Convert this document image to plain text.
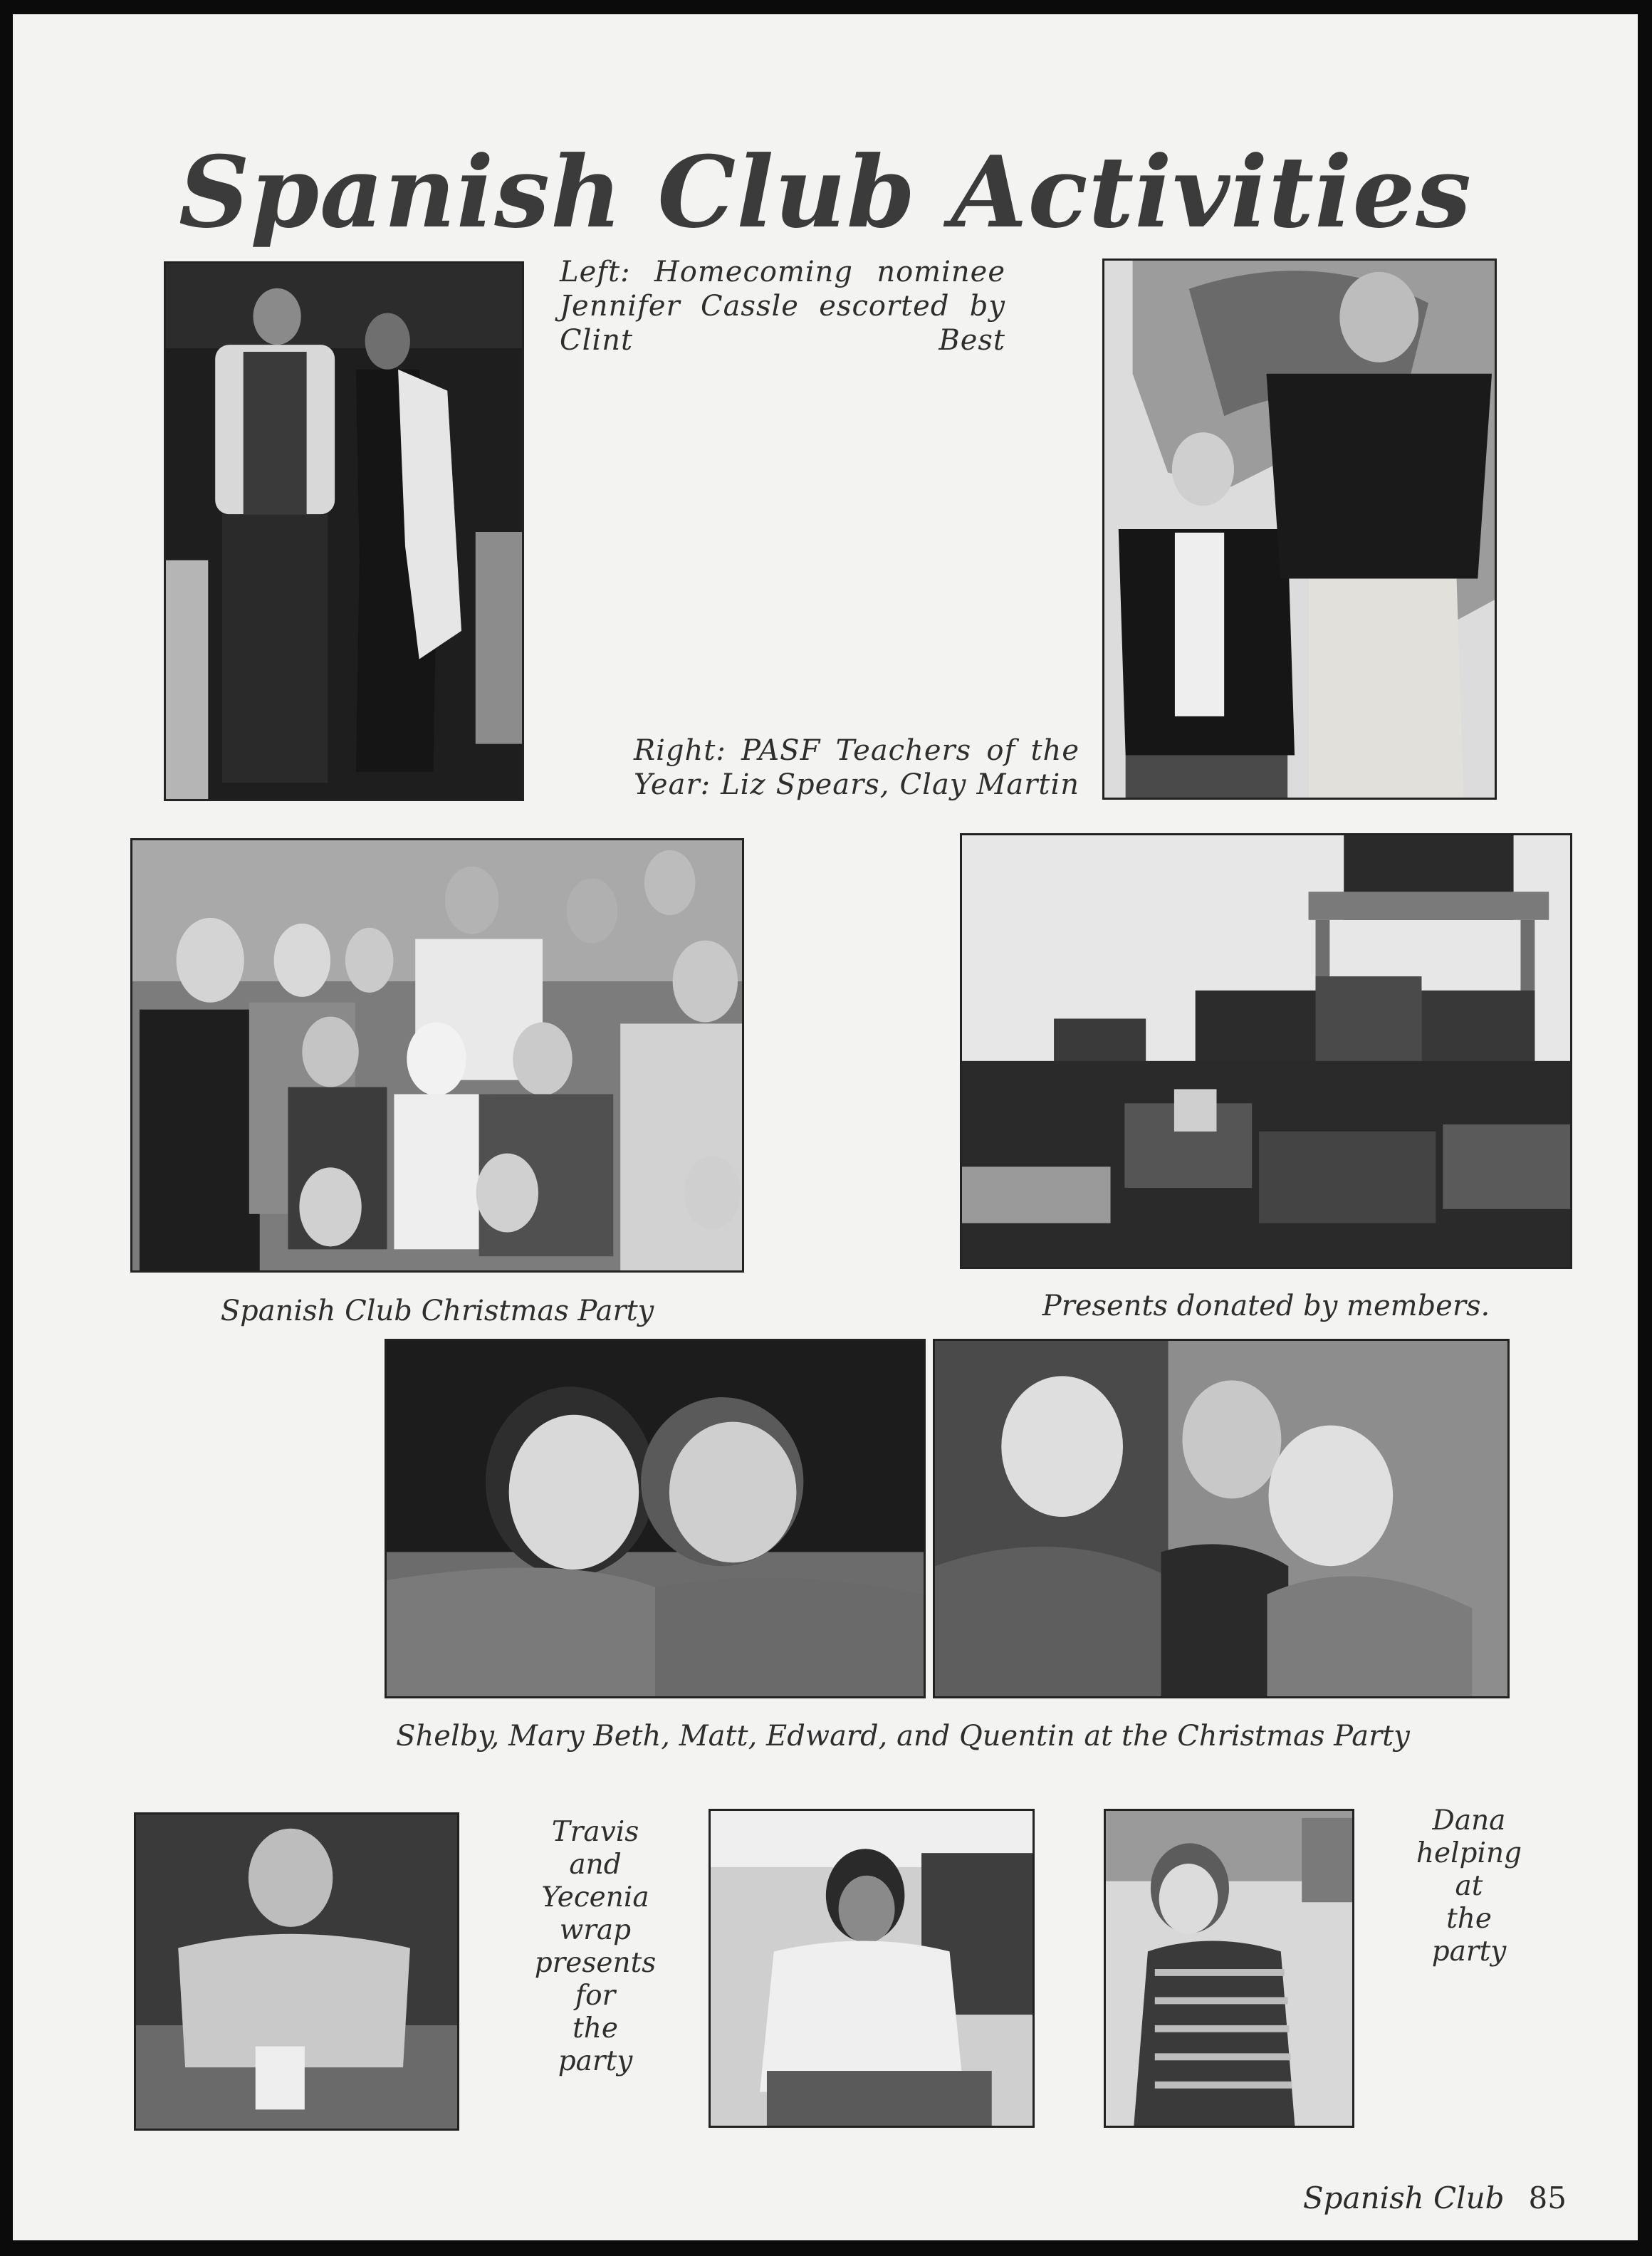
Spanish Club Activities
Left: Homecoming nominee Jennifer Cassle escorted by Clint Best
Right: PASF Teachers of the Year: Liz Spears, Clay Martin
Spanish Club Christmas Party	Presents donated by members.
Shelby, Mary Beth, Matt, Edward, and Quentin at the Christmas Party
Travis
and
Yecenia
wrap
presents
for
the
party
Dana
helping
at
the
party
Spanish Club 85
